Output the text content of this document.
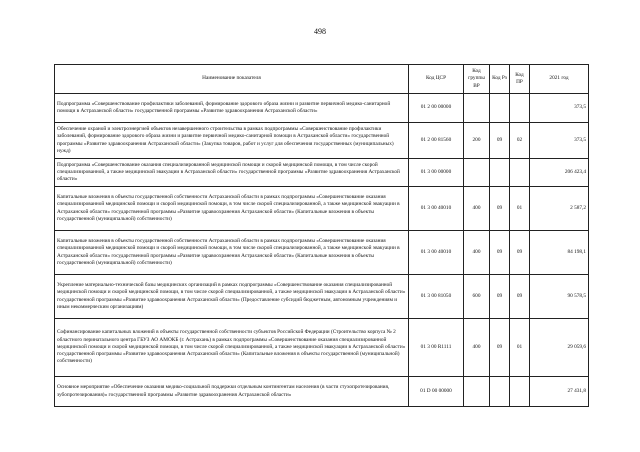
498
Наименование показателя	Код ЦСР	Код группы ВР	Код Рз	Код ПР	2021 год
Подпрограмма «Совершенствование профилактики заболеваний, формирование здорового образа жизни и развитие первичной медико-санитарной помощи в Астраханской области» государственной программы «Развитие здравоохранения Астраханской области»	01 2 00 00000				373,5
Обеспечение охраной и электроэнергией объектов незавершенного строительства в рамках подпрограммы «Совершенствование профилактики заболеваний, формирование здорового образа жизни и развитие первичной медико-санитарной помощи в Астраханской области» государственной программы «Развитие здравоохранения Астраханской области» (Закупка товаров, работ и услуг для обеспечения государственных (муниципальных) нужд)	01 2 00 81560	200	09	02	373,5
Подпрограмма «Совершенствование оказания специализированной медицинской помощи и скорой медицинской помощи, в том числе скорой специализированной, а также медицинской эвакуации в Астраханской области» государственной программы «Развитие здравоохранения Астраханской области»	01 3 00 00000				206 423,4
Капитальные вложения в объекты государственной собственности Астраханской области в рамках подпрограммы «Совершенствование оказания специализированной медицинской помощи и скорой медицинской помощи, в том числе скорой специализированной, а также медицинской эвакуации в Астраханской области» государственной программы «Развитие здравоохранения Астраханской области» (Капитальные вложения в объекты государственной (муниципальной) собственности)	01 3 00 40010	400	09	01	2 587,2
Капитальные вложения в объекты государственной собственности Астраханской области в рамках подпрограммы «Совершенствование оказания специализированной медицинской помощи и скорой медицинской помощи, в том числе скорой специализированной, а также медицинской эвакуации в Астраханской области» государственной программы «Развитие здравоохранения Астраханской области» (Капитальные вложения в объекты государственной (муниципальной) собственности)	01 3 00 40010	400	09	09	84 198,1
Укрепление материально-технической базы медицинских организаций в рамках подпрограммы «Совершенствование оказания специализированной медицинской помощи и скорой медицинской помощи, в том числе скорой специализированной, а также медицинской эвакуации в Астраханской области» государственной программы «Развитие здравоохранения Астраханской области» (Предоставление субсидий бюджетным, автономным учреждениям и иным некоммерческим организациям)	01 3 00 81050	600	09	09	90 578,5
Софинансирование капитальных вложений в объекты государственной собственности субъектов Российской Федерации (Строительство корпуса № 2 областного перинатального центра ГБУЗ АО АМОКБ (г. Астрахань) в рамках подпрограммы «Совершенствование оказания специализированной медицинской помощи и скорой медицинской помощи, в том числе скорой специализированной, а также медицинской эвакуации в Астраханской области» государственной программы «Развитие здравоохранения Астраханской области» (Капитальные вложения в объекты государственной (муниципальной) собственности)	01 3 00 R1111	400	09	01	29 059,6
Основное мероприятие «Обеспечение оказания медико-социальной поддержки отдельным контингентам населения (в части стухопротезирования, зубопротезирования)» государственной программы «Развитие здравоохранения Астраханской области»	01 D 00 00000				27 431,8
